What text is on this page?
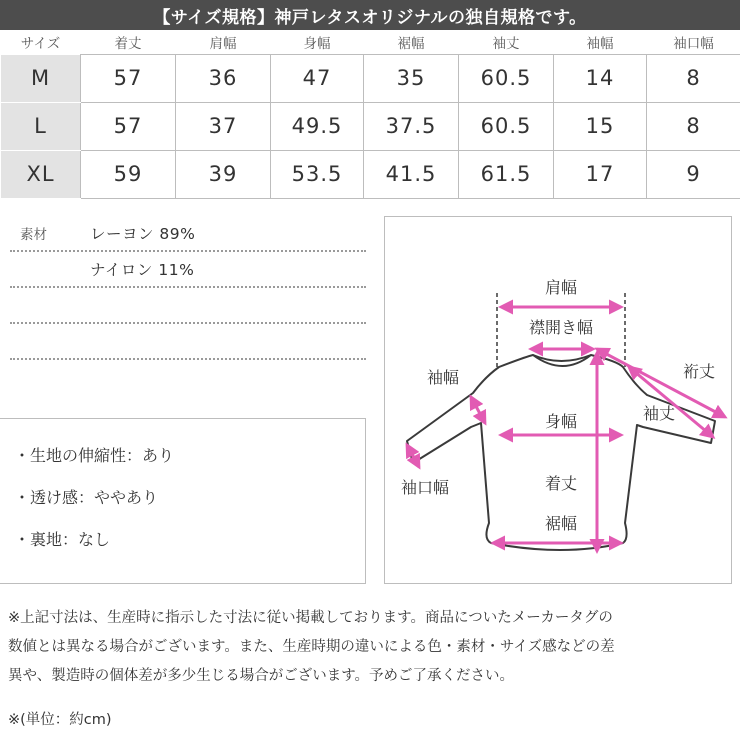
【サイズ規格】神戸レタスオリジナルの独自規格です。
サイズ	着丈	肩幅	身幅	裾幅	袖丈	袖幅	袖口幅
M	57	36	47	35	60.5	14	8
L	57	37	49.5	37.5	60.5	15	8
XL	59	39	53.5	41.5	61.5	17	9
素材	レーヨン 89%
ナイロン 11%
・生地の伸縮性：あり
・透け感：ややあり
・裏地：なし
肩幅
襟開き幅
裄丈
袖丈
袖幅
身幅
袖口幅	着丈
裾幅
※上記寸法は、生産時に指示した寸法に従い掲載しております。商品についたメーカータグの
数値とは異なる場合がございます。また、生産時期の違いによる色・素材・サイズ感などの差
異や、製造時の個体差が多少生じる場合がございます。予めご了承ください。
※(単位：約cm)
